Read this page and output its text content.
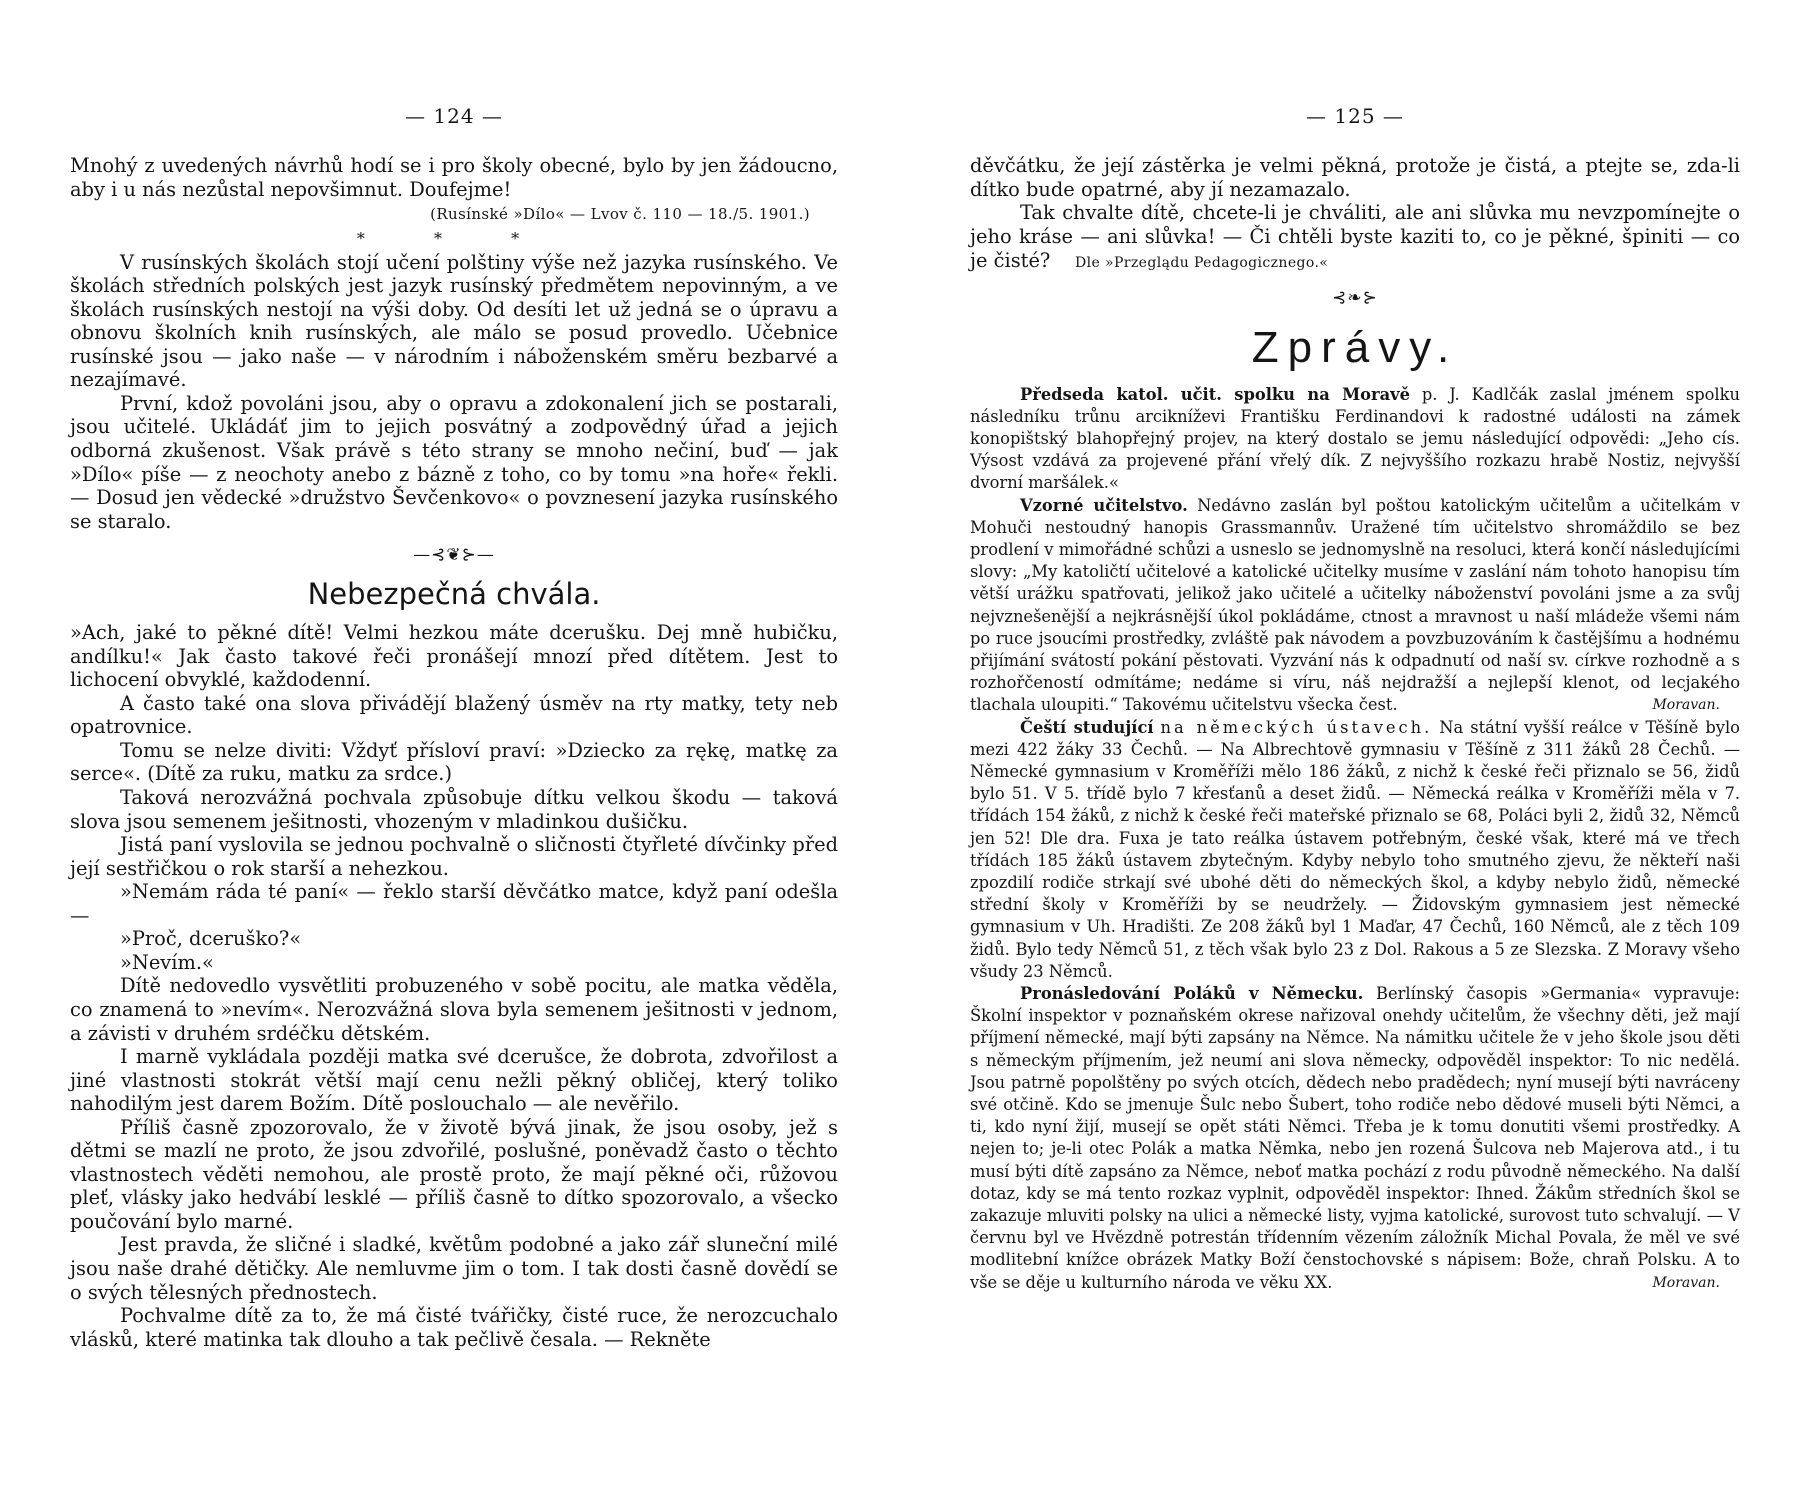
— 124 —

Mnohý z uvedených návrhů hodí se i pro školy obecné, bylo by jen žádoucno, aby i u nás nezůstal nepovšimnut. Doufejme!

(Rusínské »Dílo« — Lvov č. 110 — 18./5. 1901.)

* * *

V rusínských školách stojí učení polštiny výše než jazyka rusínského. Ve školách středních polských jest jazyk rusínský předmětem nepovinným, a ve školách rusínských nestojí na výši doby. Od desíti let už jedná se o úpravu a obnovu školních knih rusínských, ale málo se posud provedlo. Učebnice rusínské jsou — jako naše — v národním i náboženském směru bezbarvé a nezajímavé.

První, kdož povoláni jsou, aby o opravu a zdokonalení jich se postarali, jsou učitelé. Ukládáť jim to jejich posvátný a zodpovědný úřad a jejich odborná zkušenost. Však právě s této strany se mnoho nečiní, buď — jak »Dílo« píše — z neochoty anebo z bázně z toho, co by tomu »na hoře« řekli. — Dosud jen vědecké »družstvo Ševčenkovo« o povznesení jazyka rusínského se staralo.

—⊰❦⊱—
Nebezpečná chvála.

»Ach, jaké to pěkné dítě! Velmi hezkou máte dcerušku. Dej mně hubičku, andílku!« Jak často takové řeči pronášejí mnozí před dítětem. Jest to lichocení obvyklé, každodenní.

A často také ona slova přivádějí blažený úsměv na rty matky, tety neb opatrovnice.

Tomu se nelze diviti: Vždyť přísloví praví: »Dziecko za rękę, matkę za serce«. (Dítě za ruku, matku za srdce.)

Taková nerozvážná pochvala způsobuje dítku velkou škodu — taková slova jsou semenem ješitnosti, vhozeným v mladinkou dušičku.

Jistá paní vyslovila se jednou pochvalně o sličnosti čtyřleté dívčinky před její sestřičkou o rok starší a nehezkou.

»Nemám ráda té paní« — řeklo starší děvčátko matce, když paní odešla —

»Proč, dceruško?«

»Nevím.«

Dítě nedovedlo vysvětliti probuzeného v sobě pocitu, ale matka věděla, co znamená to »nevím«. Nerozvážná slova byla semenem ješitnosti v jednom, a závisti v druhém srdéčku dětském.

I marně vykládala později matka své dcerušce, že dobrota, zdvořilost a jiné vlastnosti stokrát větší mají cenu nežli pěkný obličej, který toliko nahodilým jest darem Božím. Dítě poslouchalo — ale nevěřilo.

Příliš časně zpozorovalo, že v životě bývá jinak, že jsou osoby, jež s dětmi se mazlí ne proto, že jsou zdvořilé, poslušné, poněvadž často o těchto vlastnostech věděti nemohou, ale prostě proto, že mají pěkné oči, růžovou pleť, vlásky jako hedvábí lesklé — příliš časně to dítko spozorovalo, a všecko poučování bylo marné.

Jest pravda, že sličné i sladké, květům podobné a jako zář sluneční milé jsou naše drahé dětičky. Ale nemluvme jim o tom. I tak dosti časně dovědí se o svých tělesných přednostech.

Pochvalme dítě za to, že má čisté tvářičky, čisté ruce, že nerozcuchalo vlásků, které matinka tak dlouho a tak pečlivě česala. — Rekněte

— 125 —

děvčátku, že její zástěrka je velmi pěkná, protože je čistá, a ptejte se, zda-li dítko bude opatrné, aby jí nezamazalo.

Tak chvalte dítě, chcete-li je chváliti, ale ani slůvka mu nevzpomínejte o jeho kráse — ani slůvka! — Či chtěli byste kaziti to, co je pěkné, špiniti — co je čisté? Dle »Przeglądu Pedagogicznego.«

⊰❧⊱
Zprávy.

Předseda katol. učit. spolku na Moravě p. J. Kadlčák zaslal jménem spolku následníku trůnu arcikníževi Františku Ferdinandovi k radostné události na zámek konopištský blahopřejný projev, na který dostalo se jemu následující odpovědi: „Jeho cís. Výsost vzdává za projevené přání vřelý dík. Z nejvyššího rozkazu hrabě Nostiz, nejvyšší dvorní maršálek.«

Vzorné učitelstvo. Nedávno zaslán byl poštou katolickým učitelům a učitelkám v Mohuči nestoudný hanopis Grassmannův. Uražené tím učitelstvo shromáždilo se bez prodlení v mimořádné schůzi a usneslo se jednomyslně na resoluci, která končí následujícími slovy: „My katoličtí učitelové a katolické učitelky musíme v zaslání nám tohoto hanopisu tím větší urážku spatřovati, jelikož jako učitelé a učitelky náboženství povoláni jsme a za svůj nejvznešenější a nejkrásnější úkol pokládáme, ctnost a mravnost u naší mládeže všemi nám po ruce jsoucími prostředky, zvláště pak návodem a povzbuzováním k častějšímu a hodnému přijímání svátostí pokání pěstovati. Vyzvání nás k odpadnutí od naší sv. církve rozhodně a s rozhořčeností odmítáme; nedáme si víru, náš nejdražší a nejlepší klenot, od lecjakého tlachala uloupiti.“ Takovému učitelstvu všecka čest.	Moravan.

Čeští studující na německých ústavech. Na státní vyšší reálce v Těšíně bylo mezi 422 žáky 33 Čechů. — Na Albrechtově gymnasiu v Těšíně z 311 žáků 28 Čechů. — Německé gymnasium v Kroměříži mělo 186 žáků, z nichž k české řeči přiznalo se 56, židů bylo 51. V 5. třídě bylo 7 křesťanů a deset židů. — Německá reálka v Kroměříži měla v 7. třídách 154 žáků, z nichž k české řeči mateřské přiznalo se 68, Poláci byli 2, židů 32, Němců jen 52! Dle dra. Fuxa je tato reálka ústavem potřebným, české však, které má ve třech třídách 185 žáků ústavem zbytečným. Kdyby nebylo toho smutného zjevu, že někteří naši zpozdilí rodiče strkají své ubohé děti do německých škol, a kdyby nebylo židů, německé střední školy v Kroměříži by se neudržely. — Židovským gymnasiem jest německé gymnasium v Uh. Hradišti. Ze 208 žáků byl 1 Maďar, 47 Čechů, 160 Němců, ale z těch 109 židů. Bylo tedy Němců 51, z těch však bylo 23 z Dol. Rakous a 5 ze Slezska. Z Moravy všeho všudy 23 Němců.

Pronásledování Poláků v Německu. Berlínský časopis »Germania« vypravuje: Školní inspektor v poznaňském okrese nařizoval onehdy učitelům, že všechny děti, jež mají příjmení německé, mají býti zapsány na Němce. Na námitku učitele že v jeho škole jsou děti s německým příjmením, jež neumí ani slova německy, odpověděl inspektor: To nic nedělá. Jsou patrně popolštěny po svých otcích, dědech nebo pradědech; nyní musejí býti navráceny své otčině. Kdo se jmenuje Šulc nebo Šubert, toho rodiče nebo dědové museli býti Němci, a ti, kdo nyní žijí, musejí se opět státi Němci. Třeba je k tomu donutiti všemi prostředky. A nejen to; je-li otec Polák a matka Němka, nebo jen rozená Šulcova neb Majerova atd., i tu musí býti dítě zapsáno za Němce, neboť matka pochází z rodu původně německého. Na další dotaz, kdy se má tento rozkaz vyplnit, odpověděl inspektor: Ihned. Žákům středních škol se zakazuje mluviti polsky na ulici a německé listy, vyjma katolické, surovost tuto schvalují. — V červnu byl ve Hvězdně potrestán třídenním vězením záložník Michal Povala, že měl ve své modlitební knížce obrázek Matky Boží čenstochovské s nápisem: Bože, chraň Polsku. A to vše se děje u kulturního národa ve věku XX.	Moravan.
